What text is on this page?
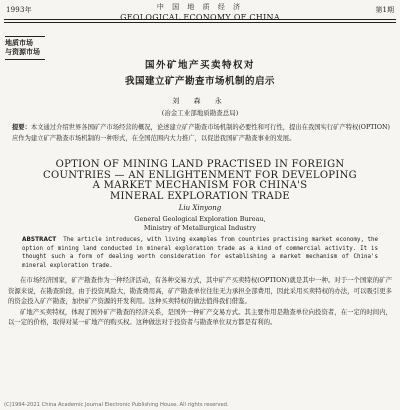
1993年	中 国 地 质 经 济
GEOLOGICAL ECONOMY OF CHINA
第1期
地质市场
与资源市场
国外矿地产买卖特权对
我国建立矿产勘查市场机制的启示
刘 森 永
(冶金工业部地质勘查总局)
提要：本文通过介绍世界各国矿产市场经营的概况，论述建立矿产勘查市场机制的必要性和可行性，提出在我国实行矿产特权(OPTION)应作为建立矿产勘查市场机制的一种形式，在全国范围内大力推广，以促进我国矿产勘查事业的发展。
OPTION OF MINING LAND PRACTISED IN FOREIGN
COUNTRIES — AN ENLIGHTENMENT FOR DEVELOPING
A MARKET MECHANISM FOR CHINA'S
MINERAL EXPLORATION TRADE
Liu Xinyong
General Geological Exploration Bureau,
Ministry of Metallurgical Industry
ABSTRACT The article introduces, with living examples from countries practising market economy, the option of mining land conducted in mineral exploration trade as a kind of commercial activity. It is thought such a form of dealing worth consideration for establishing a market mechanism of China's mineral exploration trade.

在市场经济国家，矿产勘查作为一种经济活动，有各种交易方式，其中矿产买卖特权(OPTION)就是其中一种。对于一个国家的矿产资源来说，在勘查阶段，由于投资风险大，勘查费用高，矿产勘查单位往往无力承担全部费用，因此采用买卖特权的办法，可以吸引更多的资金投入矿产勘查，加快矿产资源的开发利用。这种买卖特权的做法值得我们借鉴。

矿地产买卖特权，体现了国外矿产勘查的经济关系，是国外一种矿产交易方式。其主要作用是勘查单位向投资者，在一定的时间内，以一定的价格，取得对某一矿地产的购买权。这种做法对于投资者与勘查单位双方都是有利的。

(C)1994-2021 China Academic Journal Electronic Publishing House. All rights reserved.
